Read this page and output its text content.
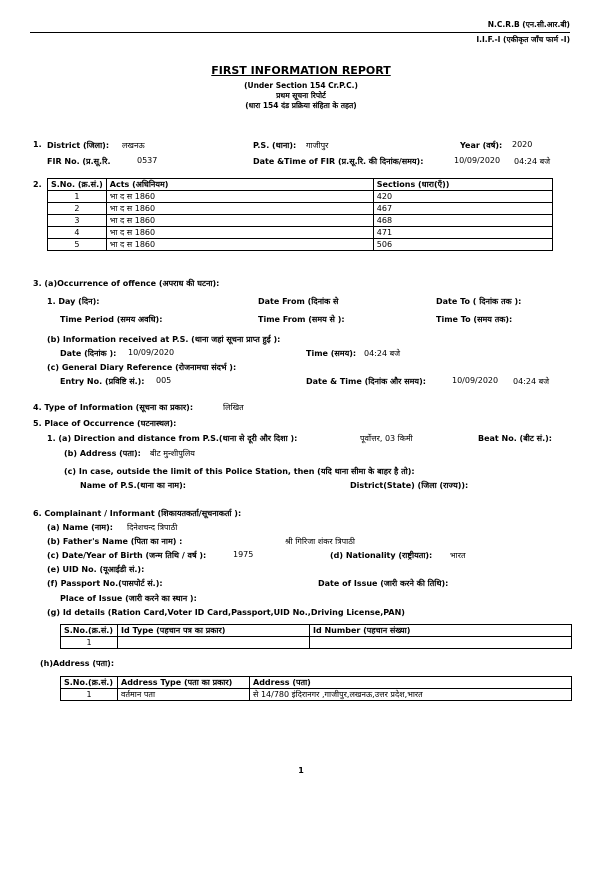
N.C.R.B (एन.सी.आर.बी)
I.I.F.-I (एकीकृत जाँच फार्म -I)
FIRST INFORMATION REPORT
(Under Section 154 Cr.P.C.)
प्रथम सूचना रिपोर्ट
(धारा 154 दंड प्रक्रिया संहिता के तहत)
1. District (जिला): लखनऊ	P.S. (थाना): गाजीपुर	Year (वर्ष): 2020
FIR No. (प्र.सू.रि.	0537	Date &Time of FIR (प्र.सू.रि. की दिनांक/समय):	10/09/2020 04:24 बजे
2. S.No. (क्र.सं.)	Acts (अधिनियम)	Sections (धारा(एँ))
1	भा द स 1860	420
2	भा द स 1860	467
3	भा द स 1860	468
4	भा द स 1860	471
5	भा द स 1860	506
3. (a)Occurrence of offence (अपराध की घटना):
1. Day (दिन):	Date From (दिनांक से	Date To ( दिनांक तक ):
Time Period (समय अवधि):	Time From (समय से ):	Time To (समय तक):
(b) Information received at P.S. (थाना जहां सूचना प्राप्त हुई ):
Date (दिनांक ): 10/09/2020	Time (समय): 04:24 बजे
(c) General Diary Reference (रोजनामचा संदर्भ ):
Entry No. (प्रविष्टि सं.): 005	Date & Time (दिनांक और समय):	10/09/2020 04:24 बजे
4. Type of Information (सूचना का प्रकार):	लिखित
5. Place of Occurrence (घटनास्थल):
1. (a) Direction and distance from P.S.(थाना से दूरी और दिशा ):	पूर्वोत्तर, 03 किमी	Beat No. (बीट सं.):
(b) Address (पता): बीट मुन्शीपुलिय
(c) In case, outside the limit of this Police Station, then (यदि थाना सीमा के बाहर है तो):
Name of P.S.(थाना का नाम):	District(State) (जिला (राज्य)):
6. Complainant / Informant (शिकायतकर्ता/सूचनाकर्ता ):
(a) Name (नाम): दिनेशचन्द त्रिपाठी
(b) Father's Name (पिता का नाम) :	श्री गिरिजा शंकर त्रिपाठी
(c) Date/Year of Birth (जन्म तिथि / वर्ष ):	1975	(d) Nationality (राष्ट्रीयता): भारत
(e) UID No. (यूआईडी सं.):
(f) Passport No.(पासपोर्ट सं.):	Date of Issue (जारी करने की तिथि):
Place of Issue (जारी करने का स्थान ):
(g) Id details (Ration Card,Voter ID Card,Passport,UID No.,Driving License,PAN)
S.No.(क्र.सं.)	Id Type (पहचान पत्र का प्रकार)	Id Number (पहचान संख्या)
1		
(h)Address (पता):
S.No.(क्र.सं.)	Address Type (पता का प्रकार)	Address (पता)
1	वर्तमान पता	से 14/780 इंदिरानगर ,गाजीपुर,लखनऊ,उत्तर प्रदेश,भारत
1
